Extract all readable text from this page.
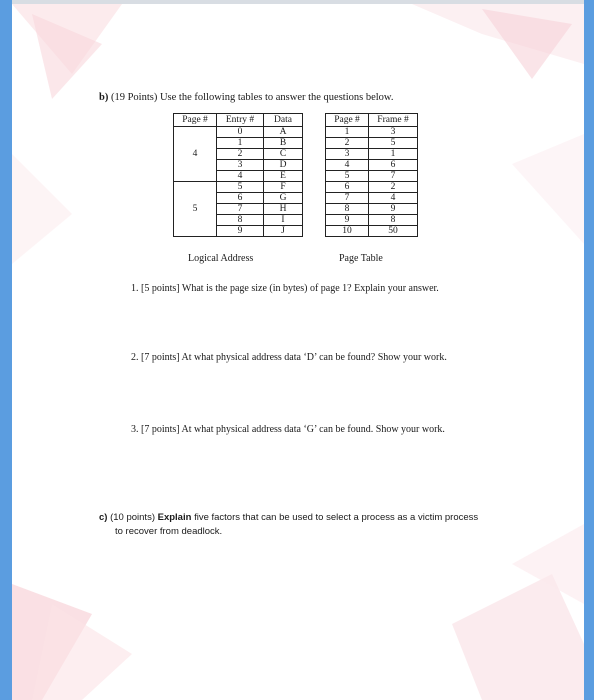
b) (19 Points) Use the following tables to answer the questions below.
Page #	Entry #	Data
4	0	A
	1	B
	2	C
	3	D
	4	E
5	5	F
	6	G
	7	H
	8	I
	9	J
Logical Address
Page #	Frame #
1	3
2	5
3	1
4	6
5	7
6	2
7	4
8	9
9	8
10	50
Page Table
1. [5 points] What is the page size (in bytes) of page 1? Explain your answer.
2. [7 points] At what physical address data ‘D’ can be found? Show your work.
3. [7 points] At what physical address data ‘G’ can be found. Show your work.
c) (10 points) Explain five factors that can be used to select a process as a victim process
to recover from deadlock.
